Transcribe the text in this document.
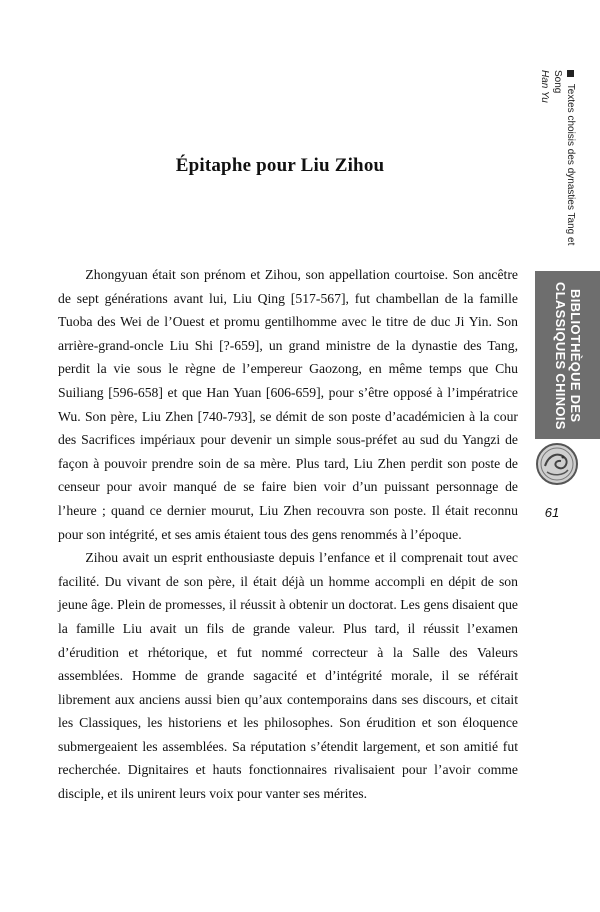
Textes choisis des dynasties Tang et Song
Han Yu
BIBLIOTHÈQUE DES CLASSIQUES CHINOIS
61
Épitaphe pour Liu Zihou

Zhongyuan était son prénom et Zihou, son appellation courtoise. Son ancêtre de sept générations avant lui, Liu Qing [517-567], fut chambellan de la famille Tuoba des Wei de l’Ouest et promu gentilhomme avec le titre de duc Ji Yin. Son arrière-grand-oncle Liu Shi [?-659], un grand ministre de la dynastie des Tang, perdit la vie sous le règne de l’empereur Gaozong, en même temps que Chu Suiliang [596-658] et que Han Yuan [606-659], pour s’être opposé à l’impératrice Wu. Son père, Liu Zhen [740-793], se démit de son poste d’académicien à la cour des Sacrifices impériaux pour devenir un simple sous-préfet au sud du Yangzi de façon à pouvoir prendre soin de sa mère. Plus tard, Liu Zhen perdit son poste de censeur pour avoir manqué de se faire bien voir d’un puissant personnage de l’heure ; quand ce dernier mourut, Liu Zhen recouvra son poste. Il était reconnu pour son intégrité, et ses amis étaient tous des gens renommés à l’époque.

Zihou avait un esprit enthousiaste depuis l’enfance et il comprenait tout avec facilité. Du vivant de son père, il était déjà un homme accompli en dépit de son jeune âge. Plein de promesses, il réussit à obtenir un doctorat. Les gens disaient que la famille Liu avait un fils de grande valeur. Plus tard, il réussit l’examen d’érudition et rhétorique, et fut nommé correcteur à la Salle des Valeurs assemblées. Homme de grande sagacité et d’intégrité morale, il se référait librement aux anciens aussi bien qu’aux contemporains dans ses discours, et citait les Classiques, les historiens et les philosophes. Son érudition et son éloquence submergeaient les assemblées. Sa réputation s’étendit largement, et son amitié fut recherchée. Dignitaires et hauts fonctionnaires rivalisaient pour l’avoir comme disciple, et ils unirent leurs voix pour vanter ses mérites.
